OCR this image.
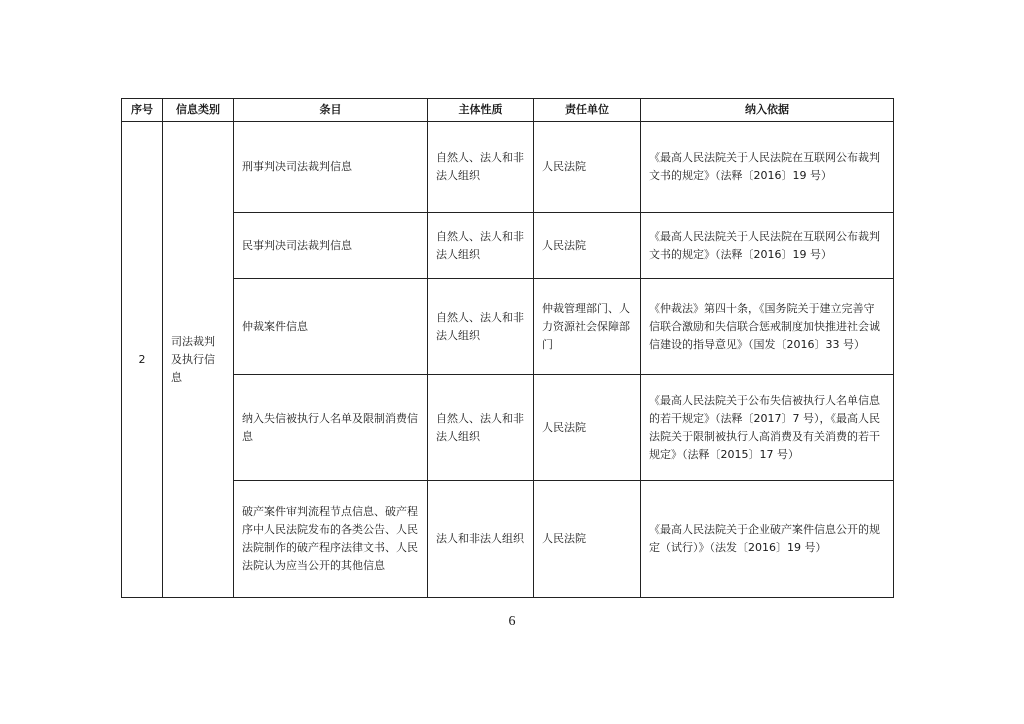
序号	信息类别	条目	主体性质	责任单位	纳入依据
2	司法裁判及执行信息	刑事判决司法裁判信息	自然人、法人和非法人组织	人民法院	《最高人民法院关于人民法院在互联网公布裁判文书的规定》（法释〔2016〕19 号）
		民事判决司法裁判信息	自然人、法人和非法人组织	人民法院	《最高人民法院关于人民法院在互联网公布裁判文书的规定》（法释〔2016〕19 号）
		仲裁案件信息	自然人、法人和非法人组织	仲裁管理部门、人力资源社会保障部门	《仲裁法》第四十条，《国务院关于建立完善守信联合激励和失信联合惩戒制度加快推进社会诚信建设的指导意见》（国发〔2016〕33 号）
		纳入失信被执行人名单及限制消费信息	自然人、法人和非法人组织	人民法院	《最高人民法院关于公布失信被执行人名单信息的若干规定》（法释〔2017〕7 号），《最高人民法院关于限制被执行人高消费及有关消费的若干规定》（法释〔2015〕17 号）
		破产案件审判流程节点信息、破产程序中人民法院发布的各类公告、人民法院制作的破产程序法律文书、人民法院认为应当公开的其他信息	法人和非法人组织	人民法院	《最高人民法院关于企业破产案件信息公开的规定（试行）》（法发〔2016〕19 号）
6
